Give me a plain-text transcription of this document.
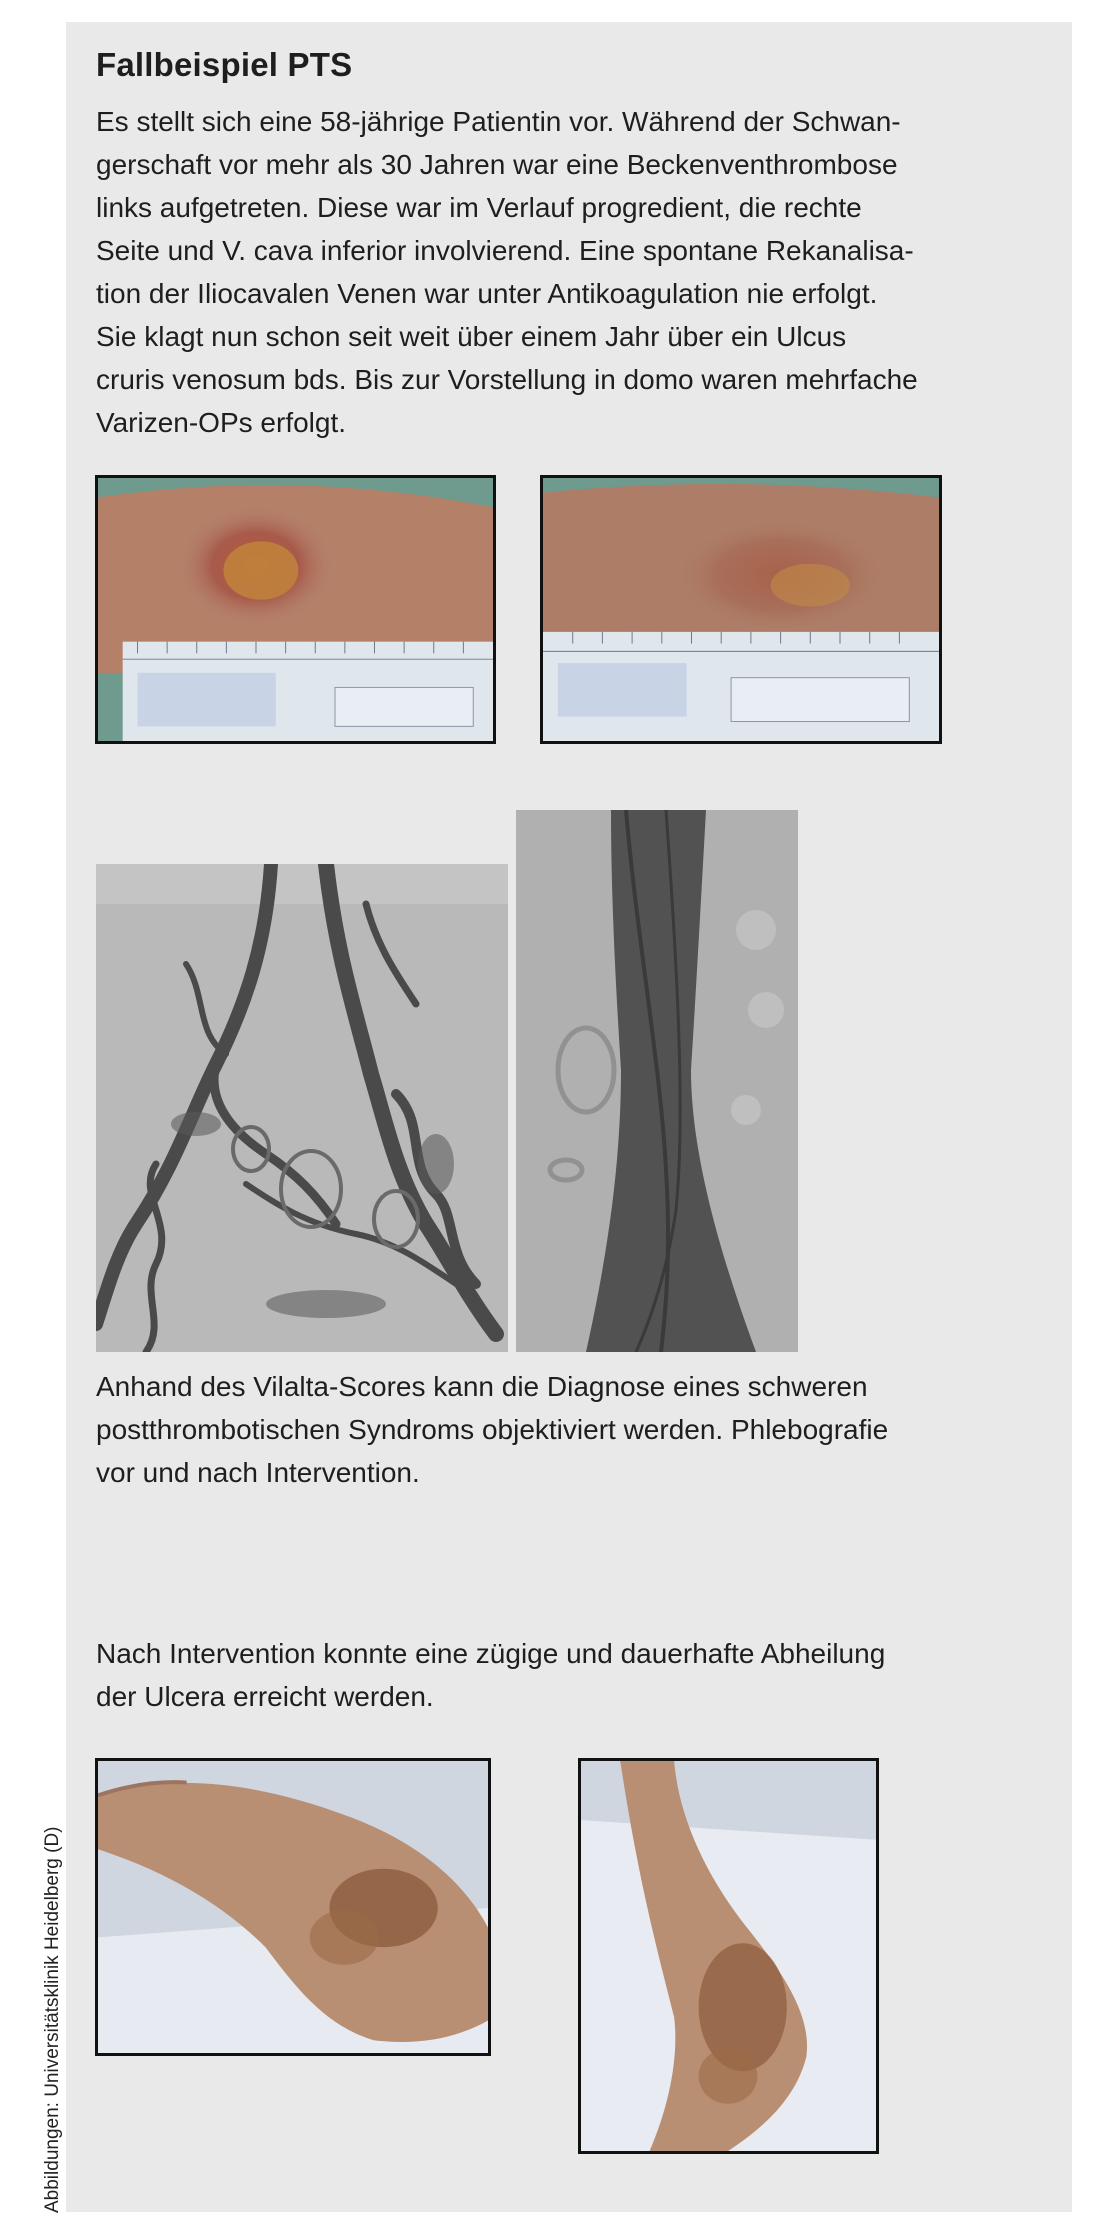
Fallbeispiel PTS

Es stellt sich eine 58-jährige Patientin vor. Während der Schwan-
gerschaft vor mehr als 30 Jahren war eine Beckenventhrombose
links aufgetreten. Diese war im Verlauf progredient, die rechte
Seite und V. cava inferior involvierend. Eine spontane Rekanalisa-
tion der Iliocavalen Venen war unter Antikoagulation nie erfolgt.
Sie klagt nun schon seit weit über einem Jahr über ein Ulcus
cruris venosum bds. Bis zur Vorstellung in domo waren mehrfache
Varizen-OPs erfolgt.

Anhand des Vilalta-Scores kann die Diagnose eines schweren
postthrombotischen Syndroms objektiviert werden. Phlebografie
vor und nach Intervention.

Nach Intervention konnte eine zügige und dauerhafte Abheilung
der Ulcera erreicht werden.

Abbildungen: Universitätsklinik Heidelberg (D)
